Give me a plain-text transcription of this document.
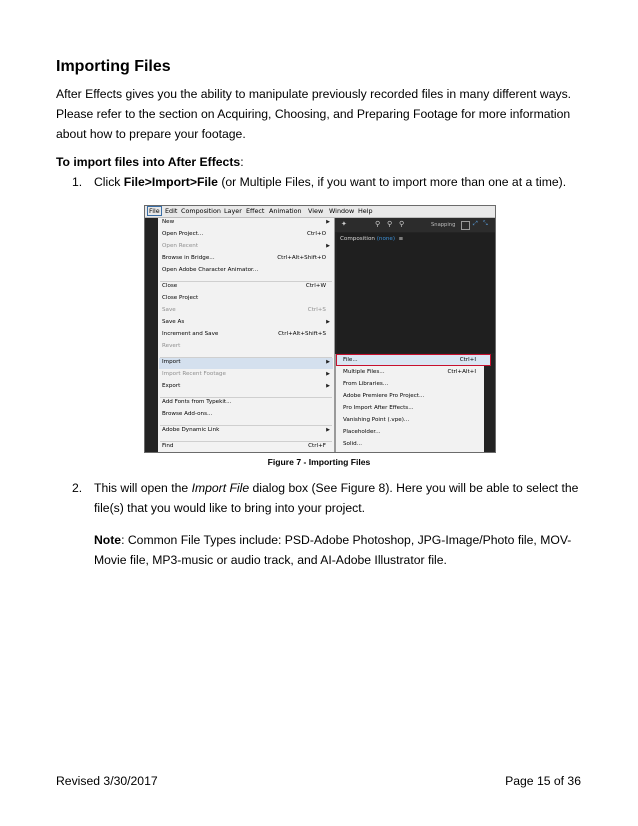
Importing Files
After Effects gives you the ability to manipulate previously recorded files in many different ways. Please refer to the section on Acquiring, Choosing, and Preparing Footage for more information about how to prepare your footage.
To import files into After Effects:
1. Click File>Import>File (or Multiple Files, if you want to import more than one at a time).
File Edit Composition Layer Effect Animation View Window Help
New	▶
Open Project...	Ctrl+O
Open Recent	▶
Browse in Bridge...	Ctrl+Alt+Shift+O
Open Adobe Character Animator...
Close	Ctrl+W
Close Project
Save	Ctrl+S
Save As	▶
Increment and Save	Ctrl+Alt+Shift+S
Revert
Import	▶
Import Recent Footage	▶
Export	▶
Add Fonts from Typekit...
Browse Add-ons...
Adobe Dynamic Link	▶
Find	Ctrl+F
✦	⚲ ⚲ ⚲	Snapping	⤢ ⤡
Composition (none) ≡
File...	Ctrl+I
Multiple Files...	Ctrl+Alt+I
From Libraries...
Adobe Premiere Pro Project...
Pro Import After Effects...
Vanishing Point (.vpe)...
Placeholder...
Solid...
Figure 7 - Importing Files
2. This will open the Import File dialog box (See Figure 8). Here you will be able to select the file(s) that you would like to bring into your project.
Note: Common File Types include: PSD-Adobe Photoshop, JPG-Image/Photo file, MOV-Movie file, MP3-music or audio track, and AI-Adobe Illustrator file.
Revised 3/30/2017	Page 15 of 36
